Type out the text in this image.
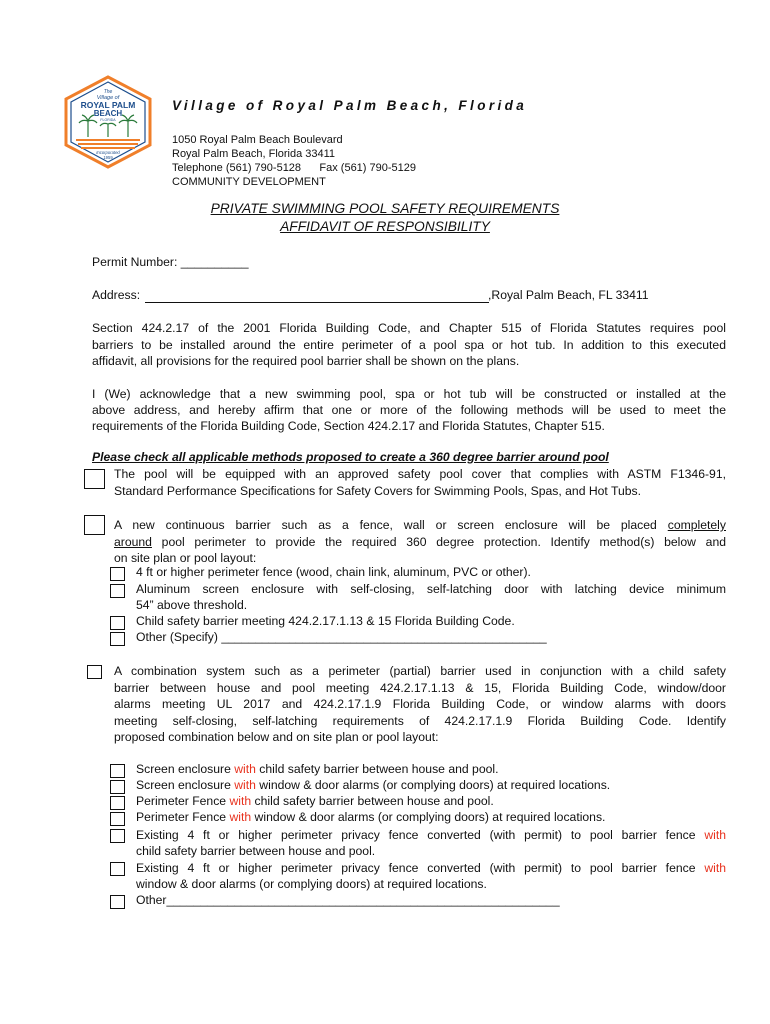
The
Village of
ROYAL PALM
BEACH
FLORIDA
Incorporated
1959
Village of Royal Palm Beach, Florida
1050 Royal Palm Beach Boulevard
Royal Palm Beach, Florida 33411
Telephone (561) 790-5128 Fax (561) 790-5129
COMMUNITY DEVELOPMENT
PRIVATE SWIMMING POOL SAFETY REQUIREMENTS
AFFIDAVIT OF RESPONSIBILITY
Permit Number: __________
Address:	,Royal Palm Beach, FL 33411
Section 424.2.17 of the 2001 Florida Building Code, and Chapter 515 of Florida Statutes requires pool
barriers to be installed around the entire perimeter of a pool spa or hot tub. In addition to this executed
affidavit, all provisions for the required pool barrier shall be shown on the plans.
I (We) acknowledge that a new swimming pool, spa or hot tub will be constructed or installed at the
above address, and hereby affirm that one or more of the following methods will be used to meet the
requirements of the Florida Building Code, Section 424.2.17 and Florida Statutes, Chapter 515.
Please check all applicable methods proposed to create a 360 degree barrier around pool
The pool will be equipped with an approved safety pool cover that complies with ASTM F1346-91,
Standard Performance Specifications for Safety Covers for Swimming Pools, Spas, and Hot Tubs.
A new continuous barrier such as a fence, wall or screen enclosure will be placed completely
around pool perimeter to provide the required 360 degree protection. Identify method(s) below and
on site plan or pool layout:
4 ft or higher perimeter fence (wood, chain link, aluminum, PVC or other).
Aluminum screen enclosure with self-closing, self-latching door with latching device minimum
54” above threshold.
Child safety barrier meeting 424.2.17.1.13 & 15 Florida Building Code.
Other (Specify) ________________________________________________
A combination system such as a perimeter (partial) barrier used in conjunction with a child safety
barrier between house and pool meeting 424.2.17.1.13 & 15, Florida Building Code, window/door
alarms meeting UL 2017 and 424.2.17.1.9 Florida Building Code, or window alarms with doors
meeting self-closing, self-latching requirements of 424.2.17.1.9 Florida Building Code. Identify
proposed combination below and on site plan or pool layout:
Screen enclosure with child safety barrier between house and pool.
Screen enclosure with window & door alarms (or complying doors) at required locations.
Perimeter Fence with child safety barrier between house and pool.
Perimeter Fence with window & door alarms (or complying doors) at required locations.
Existing 4 ft or higher perimeter privacy fence converted (with permit) to pool barrier fence with
child safety barrier between house and pool.
Existing 4 ft or higher perimeter privacy fence converted (with permit) to pool barrier fence with
window & door alarms (or complying doors) at required locations.
Other__________________________________________________________
